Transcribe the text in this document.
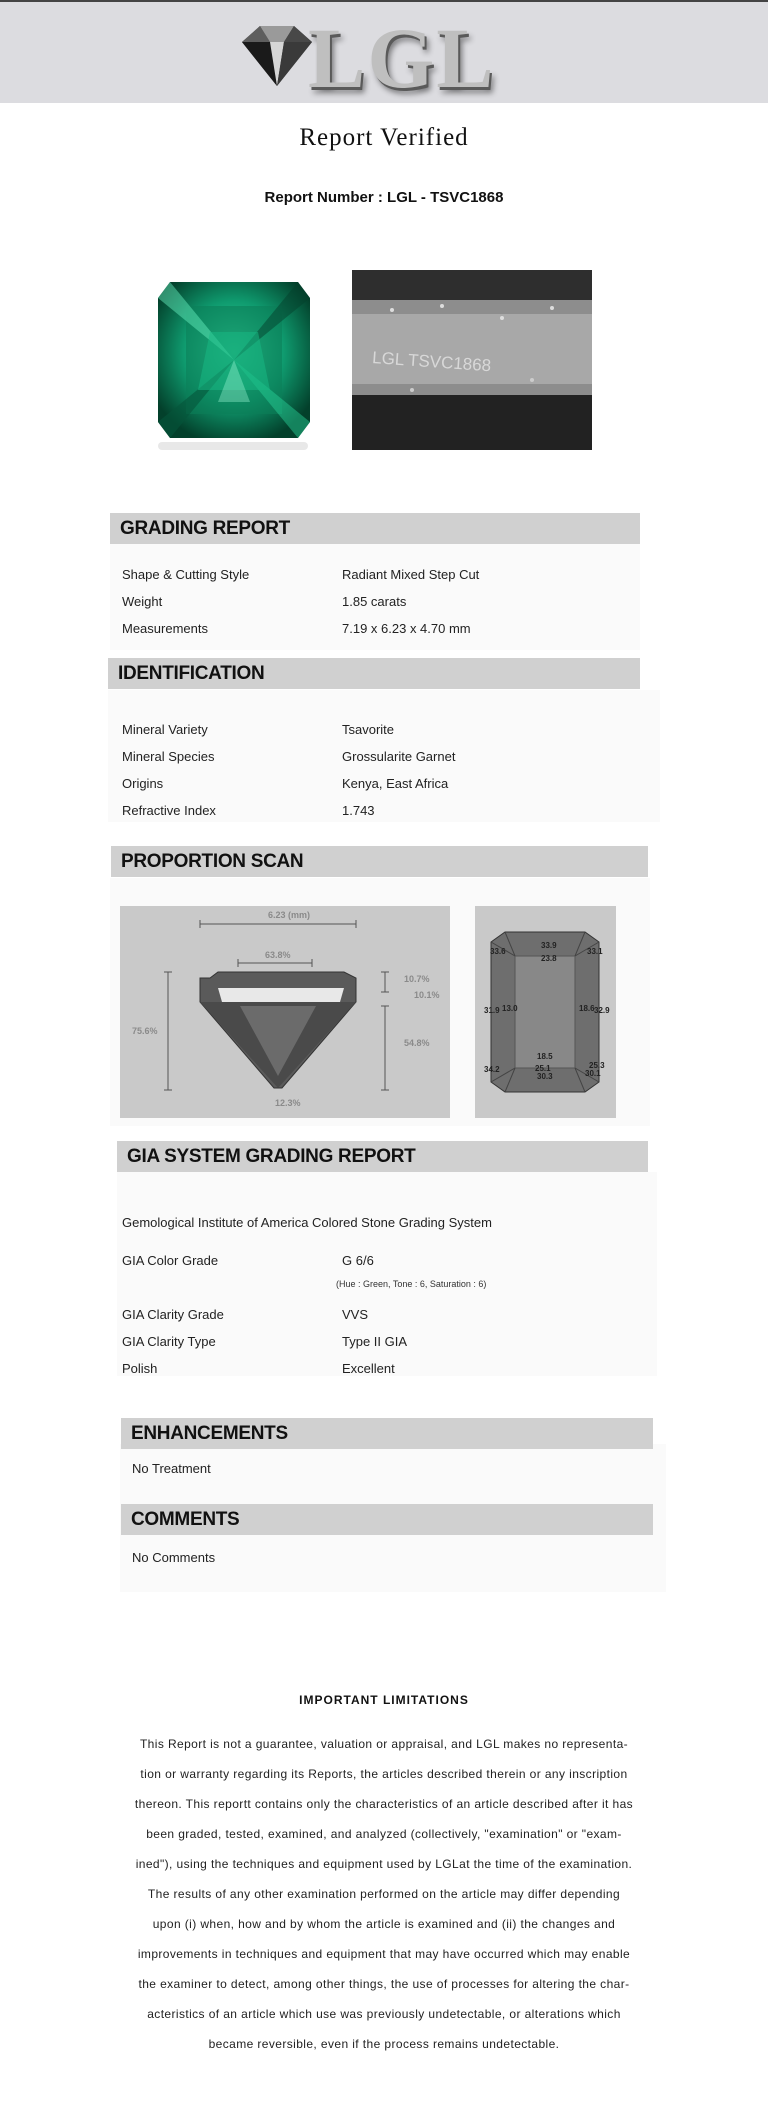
LGL
Report Verified
Report Number : LGL - TSVC1868
LGL TSVC1868
GRADING REPORT
Shape & Cutting Style	Radiant Mixed Step Cut
Weight	1.85 carats
Measurements	7.19 x 6.23 x 4.70 mm
IDENTIFICATION
Mineral Variety	Tsavorite
Mineral Species	Grossularite Garnet
Origins	Kenya, East Africa
Refractive Index	1.743
PROPORTION SCAN
6.23 (mm)
63.8%
75.6%
10.7%
10.1%
54.8%
12.3%
33.6
33.9
33.1
23.8
31.9 13.0	18.6 32.9
18.5
34.2	25.1	25.3
30.3	30.1
GIA SYSTEM GRADING REPORT
Gemological Institute of America Colored Stone Grading System
GIA Color Grade	G 6/6
(Hue : Green, Tone : 6, Saturation : 6)
GIA Clarity Grade	VVS
GIA Clarity Type	Type II GIA
Polish	Excellent
ENHANCEMENTS
No Treatment
COMMENTS
No Comments
IMPORTANT LIMITATIONS
This Report is not a guarantee, valuation or appraisal, and LGL makes no representa-
tion or warranty regarding its Reports, the articles described therein or any inscription
thereon. This reportt contains only the characteristics of an article described after it has
been graded, tested, examined, and analyzed (collectively, "examination" or "exam-
ined"), using the techniques and equipment used by LGLat the time of the examination.
The results of any other examination performed on the article may differ depending
upon (i) when, how and by whom the article is examined and (ii) the changes and
improvements in techniques and equipment that may have occurred which may enable
the examiner to detect, among other things, the use of processes for altering the char-
acteristics of an article which use was previously undetectable, or alterations which
became reversible, even if the process remains undetectable.
